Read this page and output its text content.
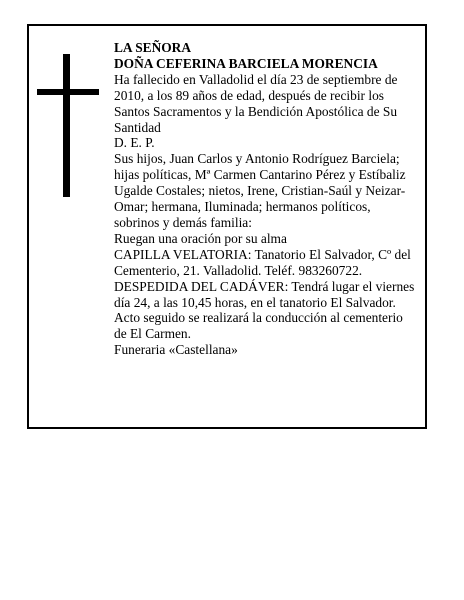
LA SEÑORA

DOÑA CEFERINA BARCIELA MORENCIA

Ha fallecido en Valladolid el día 23 de septiembre de 2010, a los 89 años de edad, después de recibir los Santos Sacramentos y la Bendición Apostólica de Su Santidad

D. E. P.

Sus hijos, Juan Carlos y Antonio Rodríguez Barciela; hijas políticas, Mª Carmen Cantarino Pérez y Estíbaliz Ugalde Costales; nietos, Irene, Cristian-Saúl y Neizar-Omar; hermana, Iluminada; hermanos políticos, sobrinos y demás familia:

Ruegan una oración por su alma

CAPILLA VELATORIA: Tanatorio El Salvador, Cº del Cementerio, 21. Valladolid. Teléf. 983260722.

DESPEDIDA DEL CADÁVER: Tendrá lugar el viernes día 24, a las 10,45 horas, en el tanatorio El Salvador. Acto seguido se realizará la conducción al cementerio de El Carmen.

Funeraria «Castellana»
